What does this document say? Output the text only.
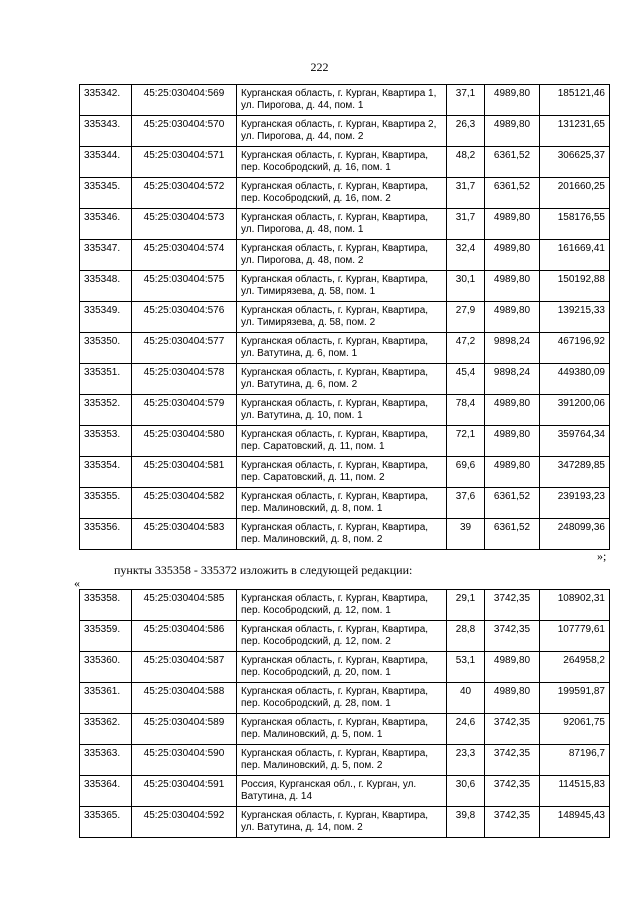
222
335342.	45:25:030404:569	Курганская область, г. Курган, Квартира 1, ул. Пирогова, д. 44, пом. 1	37,1	4989,80	185121,46
335343.	45:25:030404:570	Курганская область, г. Курган, Квартира 2, ул. Пирогова, д. 44, пом. 2	26,3	4989,80	131231,65
335344.	45:25:030404:571	Курганская область, г. Курган, Квартира, пер. Кособродский, д. 16, пом. 1	48,2	6361,52	306625,37
335345.	45:25:030404:572	Курганская область, г. Курган, Квартира, пер. Кособродский, д. 16, пом. 2	31,7	6361,52	201660,25
335346.	45:25:030404:573	Курганская область, г. Курган, Квартира, ул. Пирогова, д. 48, пом. 1	31,7	4989,80	158176,55
335347.	45:25:030404:574	Курганская область, г. Курган, Квартира, ул. Пирогова, д. 48, пом. 2	32,4	4989,80	161669,41
335348.	45:25:030404:575	Курганская область, г. Курган, Квартира, ул. Тимирязева, д. 58, пом. 1	30,1	4989,80	150192,88
335349.	45:25:030404:576	Курганская область, г. Курган, Квартира, ул. Тимирязева, д. 58, пом. 2	27,9	4989,80	139215,33
335350.	45:25:030404:577	Курганская область, г. Курган, Квартира, ул. Ватутина, д. 6, пом. 1	47,2	9898,24	467196,92
335351.	45:25:030404:578	Курганская область, г. Курган, Квартира, ул. Ватутина, д. 6, пом. 2	45,4	9898,24	449380,09
335352.	45:25:030404:579	Курганская область, г. Курган, Квартира, ул. Ватутина, д. 10, пом. 1	78,4	4989,80	391200,06
335353.	45:25:030404:580	Курганская область, г. Курган, Квартира, пер. Саратовский, д. 11, пом. 1	72,1	4989,80	359764,34
335354.	45:25:030404:581	Курганская область, г. Курган, Квартира, пер. Саратовский, д. 11, пом. 2	69,6	4989,80	347289,85
335355.	45:25:030404:582	Курганская область, г. Курган, Квартира, пер. Малиновский, д. 8, пом. 1	37,6	6361,52	239193,23
335356.	45:25:030404:583	Курганская область, г. Курган, Квартира, пер. Малиновский, д. 8, пом. 2	39	6361,52	248099,36
»;
пункты 335358 - 335372 изложить в следующей редакции:
«
335358.	45:25:030404:585	Курганская область, г. Курган, Квартира, пер. Кособродский, д. 12, пом. 1	29,1	3742,35	108902,31
335359.	45:25:030404:586	Курганская область, г. Курган, Квартира, пер. Кособродский, д. 12, пом. 2	28,8	3742,35	107779,61
335360.	45:25:030404:587	Курганская область, г. Курган, Квартира, пер. Кособродский, д. 20, пом. 1	53,1	4989,80	264958,2
335361.	45:25:030404:588	Курганская область, г. Курган, Квартира, пер. Кособродский, д. 28, пом. 1	40	4989,80	199591,87
335362.	45:25:030404:589	Курганская область, г. Курган, Квартира, пер. Малиновский, д. 5, пом. 1	24,6	3742,35	92061,75
335363.	45:25:030404:590	Курганская область, г. Курган, Квартира, пер. Малиновский, д. 5, пом. 2	23,3	3742,35	87196,7
335364.	45:25:030404:591	Россия, Курганская обл., г. Курган, ул. Ватутина, д. 14	30,6	3742,35	114515,83
335365.	45:25:030404:592	Курганская область, г. Курган, Квартира, ул. Ватутина, д. 14, пом. 2	39,8	3742,35	148945,43
